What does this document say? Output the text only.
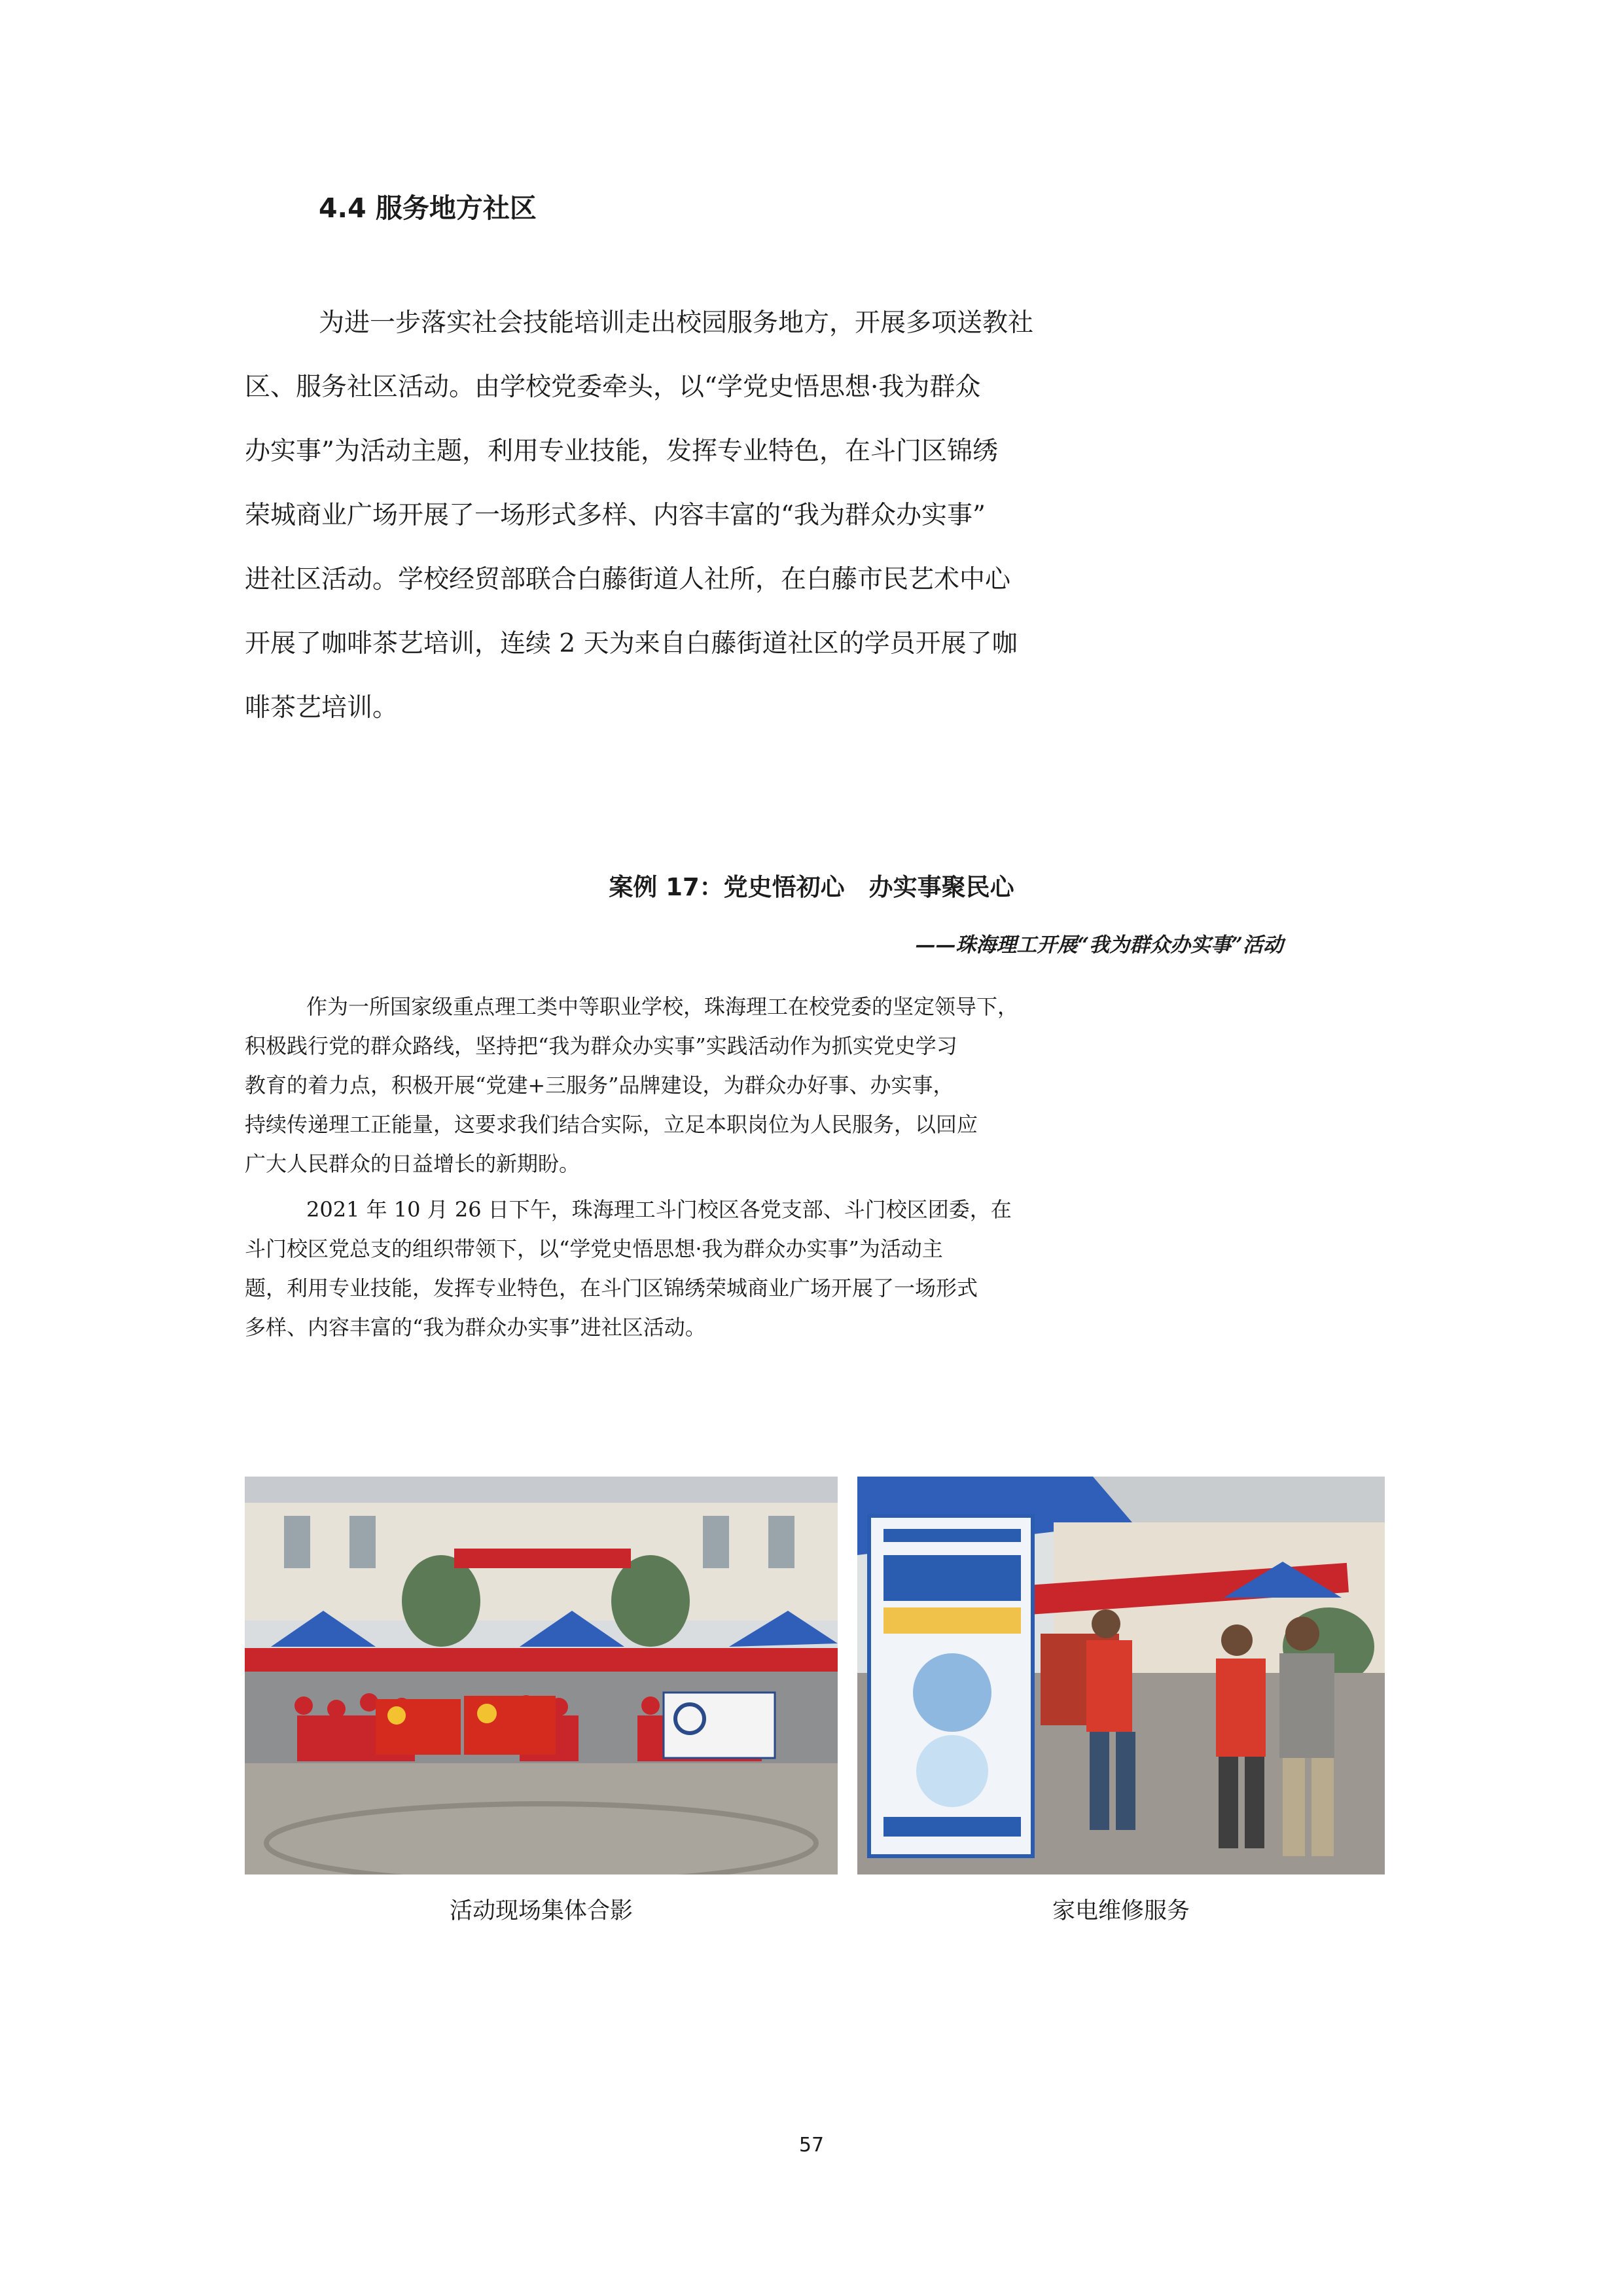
4.4 服务地方社区

为进一步落实社会技能培训走出校园服务地方，开展多项送教社

区、服务社区活动。由学校党委牵头，以“学党史悟思想·我为群众

办实事”为活动主题，利用专业技能，发挥专业特色，在斗门区锦绣

荣城商业广场开展了一场形式多样、内容丰富的“我为群众办实事”

进社区活动。学校经贸部联合白藤街道人社所，在白藤市民艺术中心

开展了咖啡茶艺培训，连续 2 天为来自白藤街道社区的学员开展了咖

啡茶艺培训。

案例 17：党史悟初心　办实事聚民心
——珠海理工开展“我为群众办实事”活动

作为一所国家级重点理工类中等职业学校，珠海理工在校党委的坚定领导下，

积极践行党的群众路线，坚持把“我为群众办实事”实践活动作为抓实党史学习

教育的着力点，积极开展“党建+三服务”品牌建设，为群众办好事、办实事，

持续传递理工正能量，这要求我们结合实际，立足本职岗位为人民服务，以回应

广大人民群众的日益增长的新期盼。

2021 年 10 月 26 日下午，珠海理工斗门校区各党支部、斗门校区团委，在

斗门校区党总支的组织带领下，以“学党史悟思想·我为群众办实事”为活动主

题，利用专业技能，发挥专业特色，在斗门区锦绣荣城商业广场开展了一场形式

多样、内容丰富的“我为群众办实事”进社区活动。

活动现场集体合影	家电维修服务
57
